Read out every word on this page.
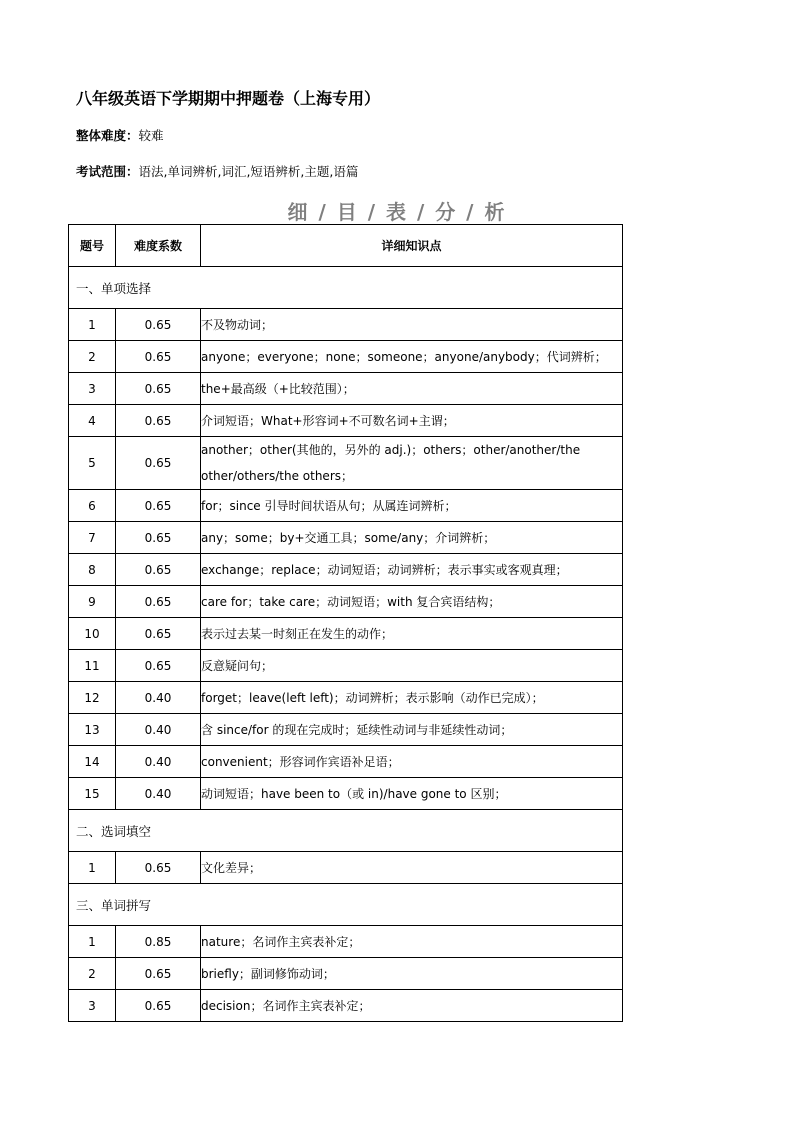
八年级英语下学期期中押题卷（上海专用）
整体难度：较难
考试范围：语法,单词辨析,词汇,短语辨析,主题,语篇
细 / 目 / 表 / 分 / 析
题号	难度系数	详细知识点
一、单项选择		
1	0.65	不及物动词；
2	0.65	anyone；everyone；none；someone；anyone/anybody；代词辨析；
3	0.65	the+最高级（+比较范围）；
4	0.65	介词短语；What+形容词+不可数名词+主谓；
5	0.65	another；other(其他的，另外的 adj.)；others；other/another/the other/others/the others；
6	0.65	for；since 引导时间状语从句；从属连词辨析；
7	0.65	any；some；by+交通工具；some/any；介词辨析；
8	0.65	exchange；replace；动词短语；动词辨析；表示事实或客观真理；
9	0.65	care for；take care；动词短语；with 复合宾语结构；
10	0.65	表示过去某一时刻正在发生的动作；
11	0.65	反意疑问句；
12	0.40	forget；leave(left left)；动词辨析；表示影响（动作已完成）；
13	0.40	含 since/for 的现在完成时；延续性动词与非延续性动词；
14	0.40	convenient；形容词作宾语补足语；
15	0.40	动词短语；have been to（或 in)/have gone to 区别；
二、选词填空		
1	0.65	文化差异；
三、单词拼写		
1	0.85	nature；名词作主宾表补定；
2	0.65	briefly；副词修饰动词；
3	0.65	decision；名词作主宾表补定；
